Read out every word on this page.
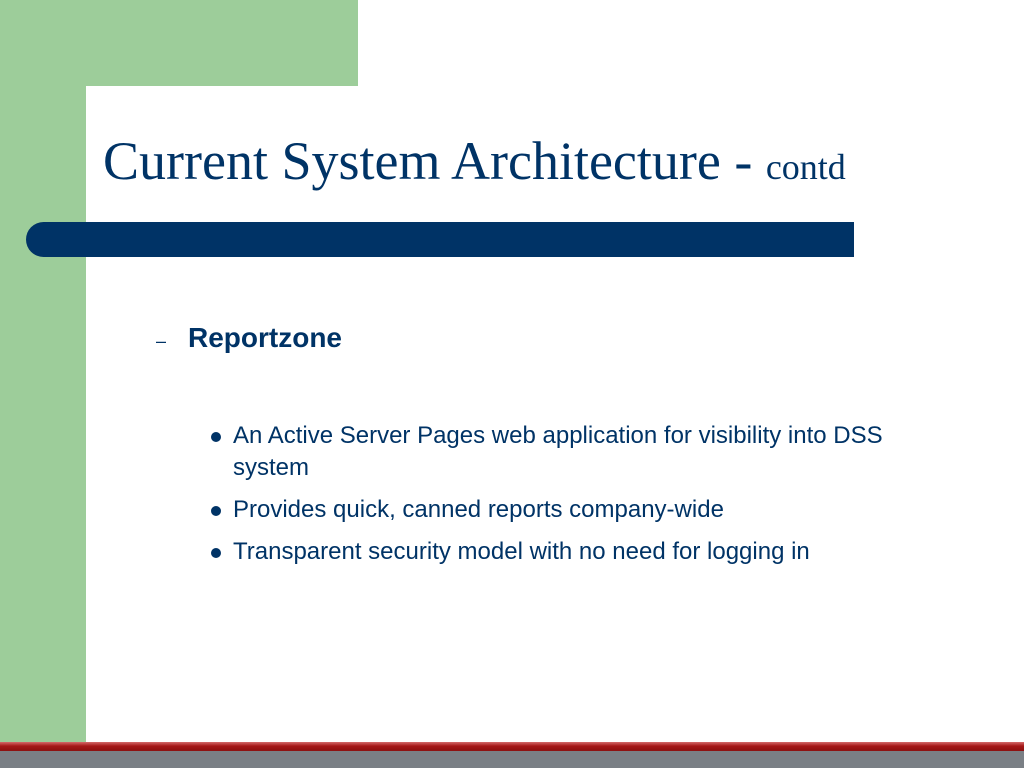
Current System Architecture - contd
– Reportzone
An Active Server Pages web application for visibility into DSS system
Provides quick, canned reports company-wide
Transparent security model with no need for logging in
